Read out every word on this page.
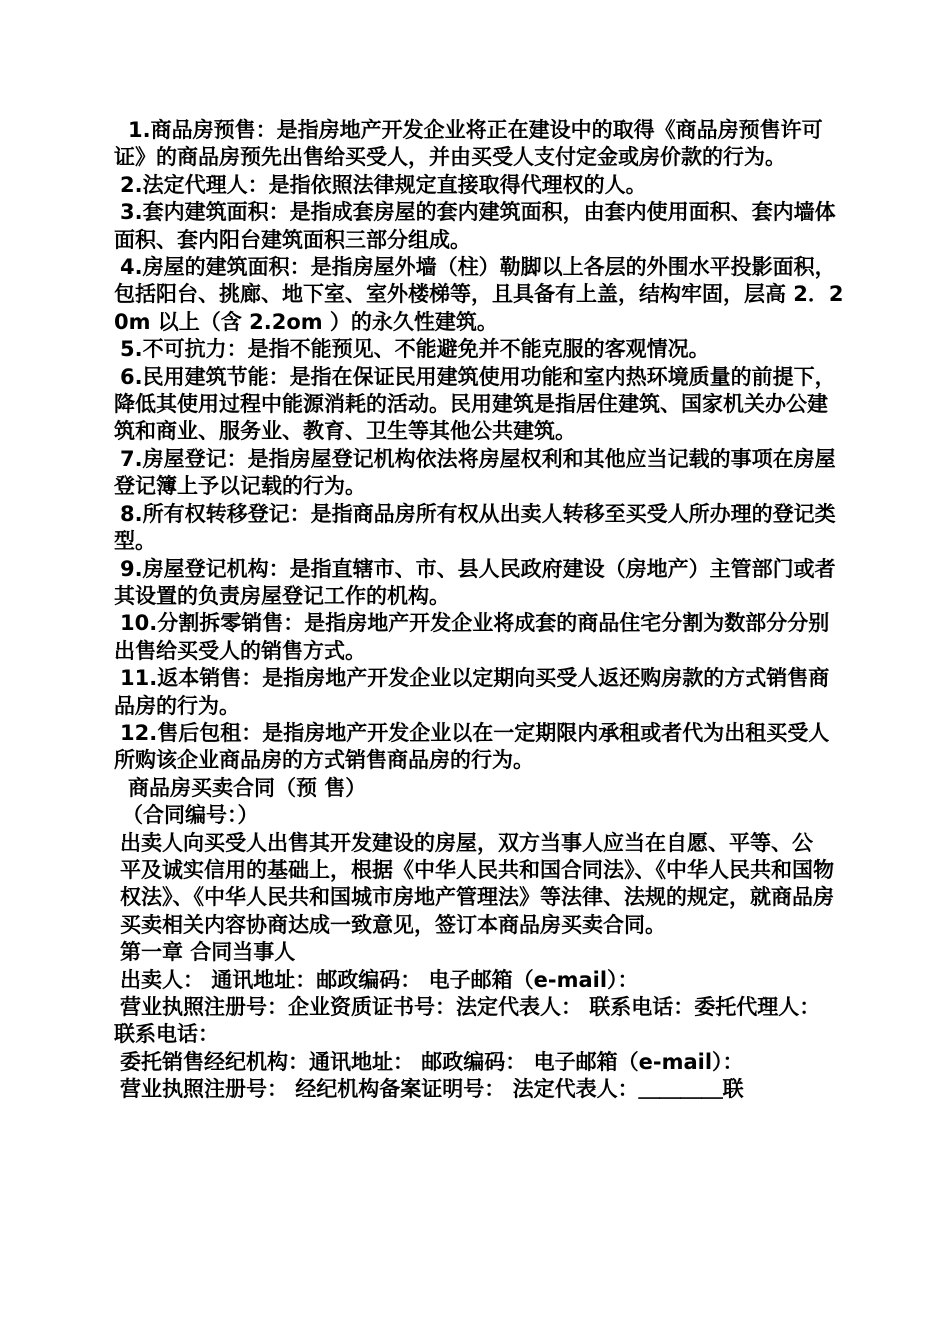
1.商品房预售：是指房地产开发企业将正在建设中的取得《商品房预售许可证》的商品房预先出售给买受人，并由买受人支付定金或房价款的行为。

2.法定代理人：是指依照法律规定直接取得代理权的人。

3.套内建筑面积：是指成套房屋的套内建筑面积，由套内使用面积、套内墙体面积、套内阳台建筑面积三部分组成。

4.房屋的建筑面积：是指房屋外墙（柱）勒脚以上各层的外围水平投影面积，包括阳台、挑廊、地下室、室外楼梯等，且具备有上盖，结构牢固，层高 2．20m 以上（含 2.2om ）的永久性建筑。

5.不可抗力：是指不能预见、不能避免并不能克服的客观情况。

6.民用建筑节能：是指在保证民用建筑使用功能和室内热环境质量的前提下，降低其使用过程中能源消耗的活动。民用建筑是指居住建筑、国家机关办公建筑和商业、服务业、教育、卫生等其他公共建筑。

7.房屋登记：是指房屋登记机构依法将房屋权利和其他应当记载的事项在房屋登记簿上予以记载的行为。

8.所有权转移登记：是指商品房所有权从出卖人转移至买受人所办理的登记类型。

9.房屋登记机构：是指直辖市、市、县人民政府建设（房地产）主管部门或者其设置的负责房屋登记工作的机构。

10.分割拆零销售：是指房地产开发企业将成套的商品住宅分割为数部分分别出售给买受人的销售方式。

11.返本销售：是指房地产开发企业以定期向买受人返还购房款的方式销售商品房的行为。

12.售后包租：是指房地产开发企业以在一定期限内承租或者代为出租买受人所购该企业商品房的方式销售商品房的行为。

商品房买卖合同（预 售）

（合同编号：）

出卖人向买受人出售其开发建设的房屋，双方当事人应当在自愿、平等、公

平及诚实信用的基础上，根据《中华人民共和国合同法》、《中华人民共和国物

权法》、《中华人民共和国城市房地产管理法》等法律、法规的规定，就商品房

买卖相关内容协商达成一致意见，签订本商品房买卖合同。

第一章 合同当事人

出卖人： 通讯地址：邮政编码： 电子邮箱（e-mail）：

营业执照注册号：企业资质证书号：法定代表人： 联系电话：委托代理人： 联系电话：

委托销售经纪机构：通讯地址： 邮政编码： 电子邮箱（e-mail）：

营业执照注册号： 经纪机构备案证明号： 法定代表人：＿＿＿＿联
